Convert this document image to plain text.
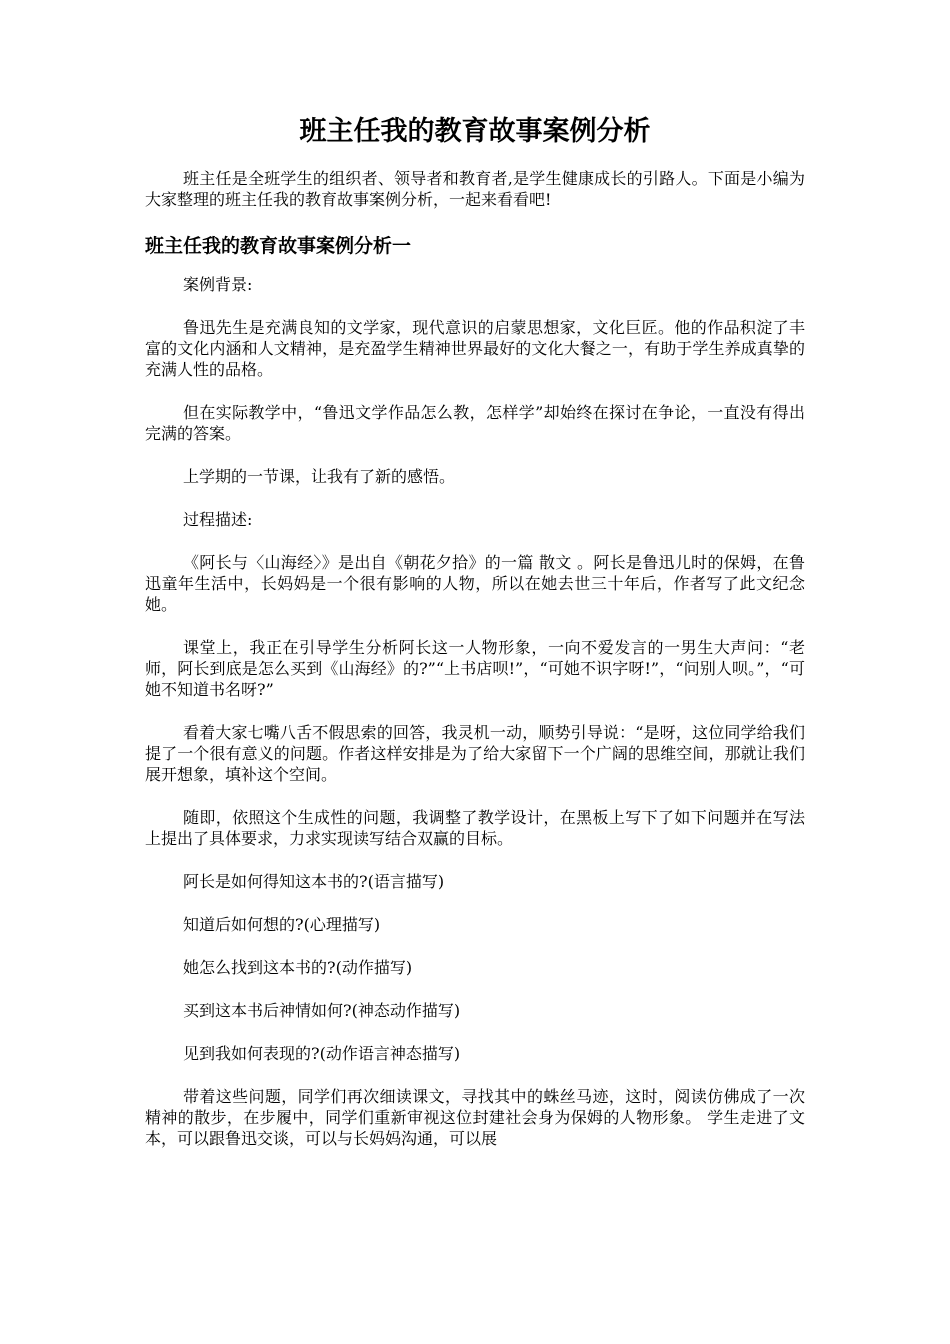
班主任我的教育故事案例分析

班主任是全班学生的组织者、领导者和教育者,是学生健康成长的引路人。下面是小编为大家整理的班主任我的教育故事案例分析，一起来看看吧!

班主任我的教育故事案例分析一

案例背景:

鲁迅先生是充满良知的文学家，现代意识的启蒙思想家，文化巨匠。他的作品积淀了丰富的文化内涵和人文精神，是充盈学生精神世界最好的文化大餐之一，有助于学生养成真挚的充满人性的品格。

但在实际教学中，“鲁迅文学作品怎么教，怎样学”却始终在探讨在争论，一直没有得出完满的答案。

上学期的一节课，让我有了新的感悟。

过程描述:

《阿长与〈山海经〉》是出自《朝花夕拾》的一篇 散文 。阿长是鲁迅儿时的保姆，在鲁迅童年生活中，长妈妈是一个很有影响的人物，所以在她去世三十年后，作者写了此文纪念她。

课堂上，我正在引导学生分析阿长这一人物形象，一向不爱发言的一男生大声问：“老师，阿长到底是怎么买到《山海经》的?”“上书店呗!”，“可她不识字呀!”，“问别人呗。”，“可她不知道书名呀?”

看着大家七嘴八舌不假思索的回答，我灵机一动，顺势引导说：“是呀，这位同学给我们提了一个很有意义的问题。作者这样安排是为了给大家留下一个广阔的思维空间，那就让我们展开想象，填补这个空间。

随即，依照这个生成性的问题，我调整了教学设计，在黑板上写下了如下问题并在写法上提出了具体要求，力求实现读写结合双赢的目标。

阿长是如何得知这本书的?(语言描写)

知道后如何想的?(心理描写)

她怎么找到这本书的?(动作描写)

买到这本书后神情如何?(神态动作描写)

见到我如何表现的?(动作语言神态描写)

带着这些问题，同学们再次细读课文，寻找其中的蛛丝马迹，这时，阅读仿佛成了一次精神的散步，在步履中，同学们重新审视这位封建社会身为保姆的人物形象。 学生走进了文本，可以跟鲁迅交谈，可以与长妈妈沟通，可以展
